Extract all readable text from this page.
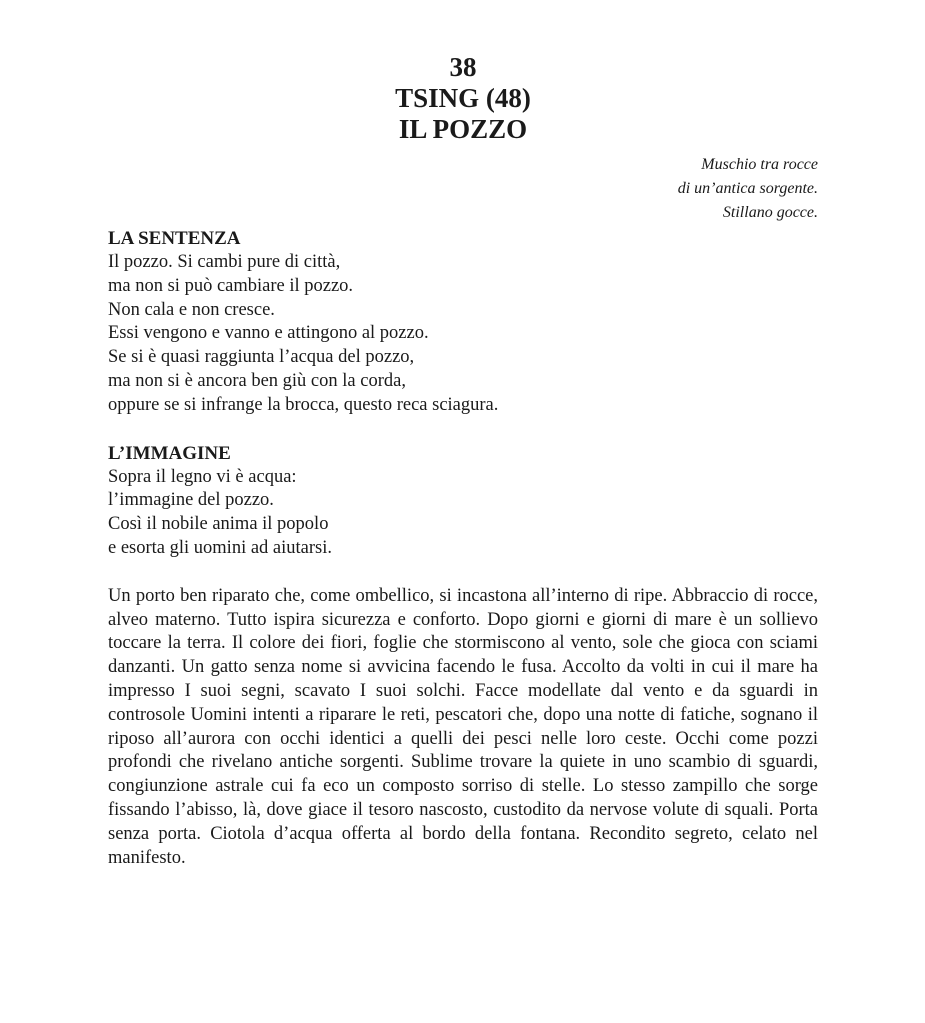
38
TSING (48)
IL POZZO
Muschio tra rocce
di un’antica sorgente.
Stillano gocce.
LA SENTENZA
Il pozzo. Si cambi pure di città,
ma non si può cambiare il pozzo.
Non cala e non cresce.
Essi vengono e vanno e attingono al pozzo.
Se si è quasi raggiunta l’acqua del pozzo,
ma non si è ancora ben giù con la corda,
oppure se si infrange la brocca, questo reca sciagura.
L’IMMAGINE
Sopra il legno vi è acqua:
l’immagine del pozzo.
Così il nobile anima il popolo
e esorta gli uomini ad aiutarsi.
Un porto ben riparato che, come ombellico, si incastona all’interno di ripe. Abbraccio di rocce, alveo materno. Tutto ispira sicurezza e conforto. Dopo giorni e giorni di mare è un sollievo toccare la terra. Il colore dei fiori, foglie che stormiscono al vento, sole che gioca con sciami danzanti. Un gatto senza nome si avvicina facendo le fusa. Accolto da volti in cui il mare ha impresso I suoi segni, scavato I suoi solchi. Facce modellate dal vento e da sguardi in controsole Uomini intenti a riparare le reti, pescatori che, dopo una notte di fatiche, sognano il riposo all’aurora con occhi identici a quelli dei pesci nelle loro ceste. Occhi come pozzi profondi che rivelano antiche sorgenti. Sublime trovare la quiete in uno scambio di sguardi, congiunzione astrale cui fa eco un composto sorriso di stelle. Lo stesso zampillo che sorge fissando l’abisso, là, dove giace il tesoro nascosto, custodito da nervose volute di squali. Porta senza porta. Ciotola d’acqua offerta al bordo della fontana. Recondito segreto, celato nel manifesto.
